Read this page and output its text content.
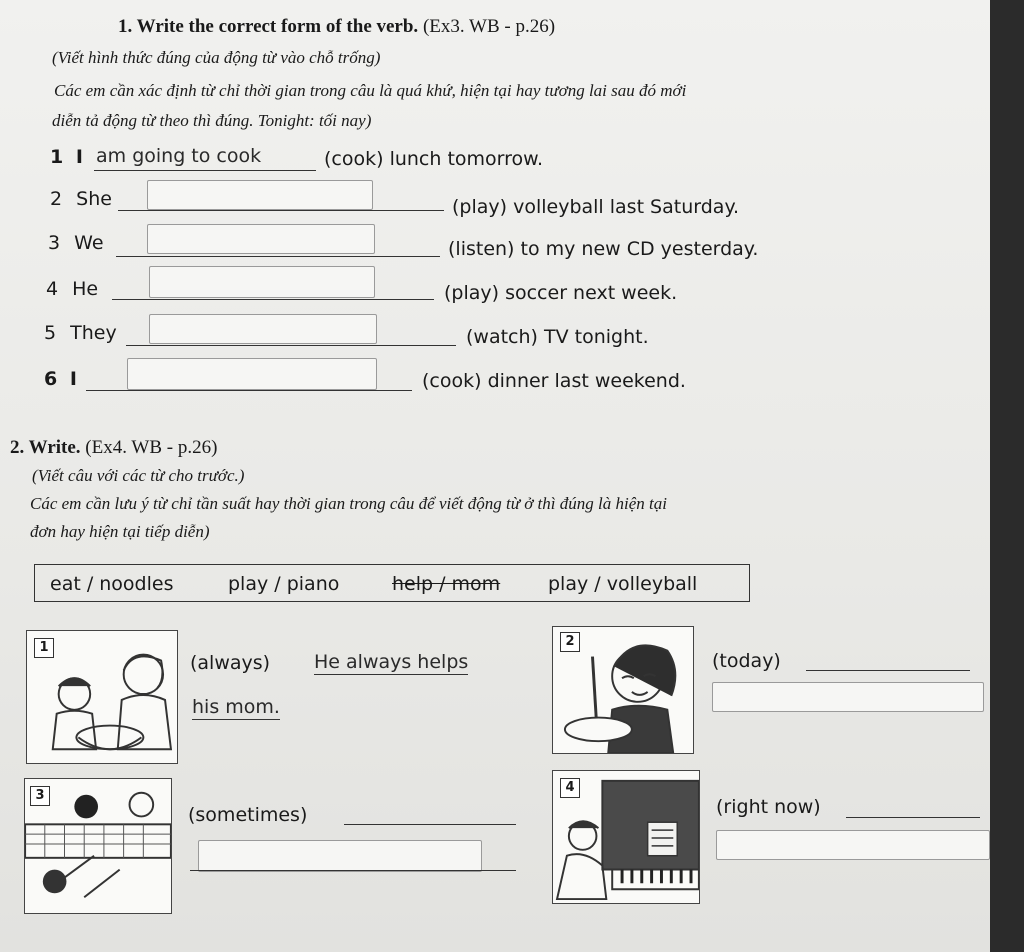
1. Write the correct form of the verb. (Ex3. WB - p.26)
(Viết hình thức đúng của động từ vào chỗ trống)
Các em cần xác định từ chỉ thời gian trong câu là quá khứ, hiện tại hay tương lai sau đó mới
diễn tả động từ theo thì đúng. Tonight: tối nay)
1 I am going to cook	(cook) lunch tomorrow.
2 She	(play) volleyball last Saturday.
3 We	(listen) to my new CD yesterday.
4 He	(play) soccer next week.
5 They	(watch) TV tonight.
6 I	(cook) dinner last weekend.
2. Write. (Ex4. WB - p.26)
(Viết câu với các từ cho trước.)
Các em cần lưu ý từ chỉ tần suất hay thời gian trong câu để viết động từ ở thì đúng là hiện tại
đơn hay hiện tại tiếp diễn)
eat / noodles	play / piano	help / mom	play / volleyball
1
(always) He always helps
his mom.
2
(today)
3
(sometimes)
4
(right now)
